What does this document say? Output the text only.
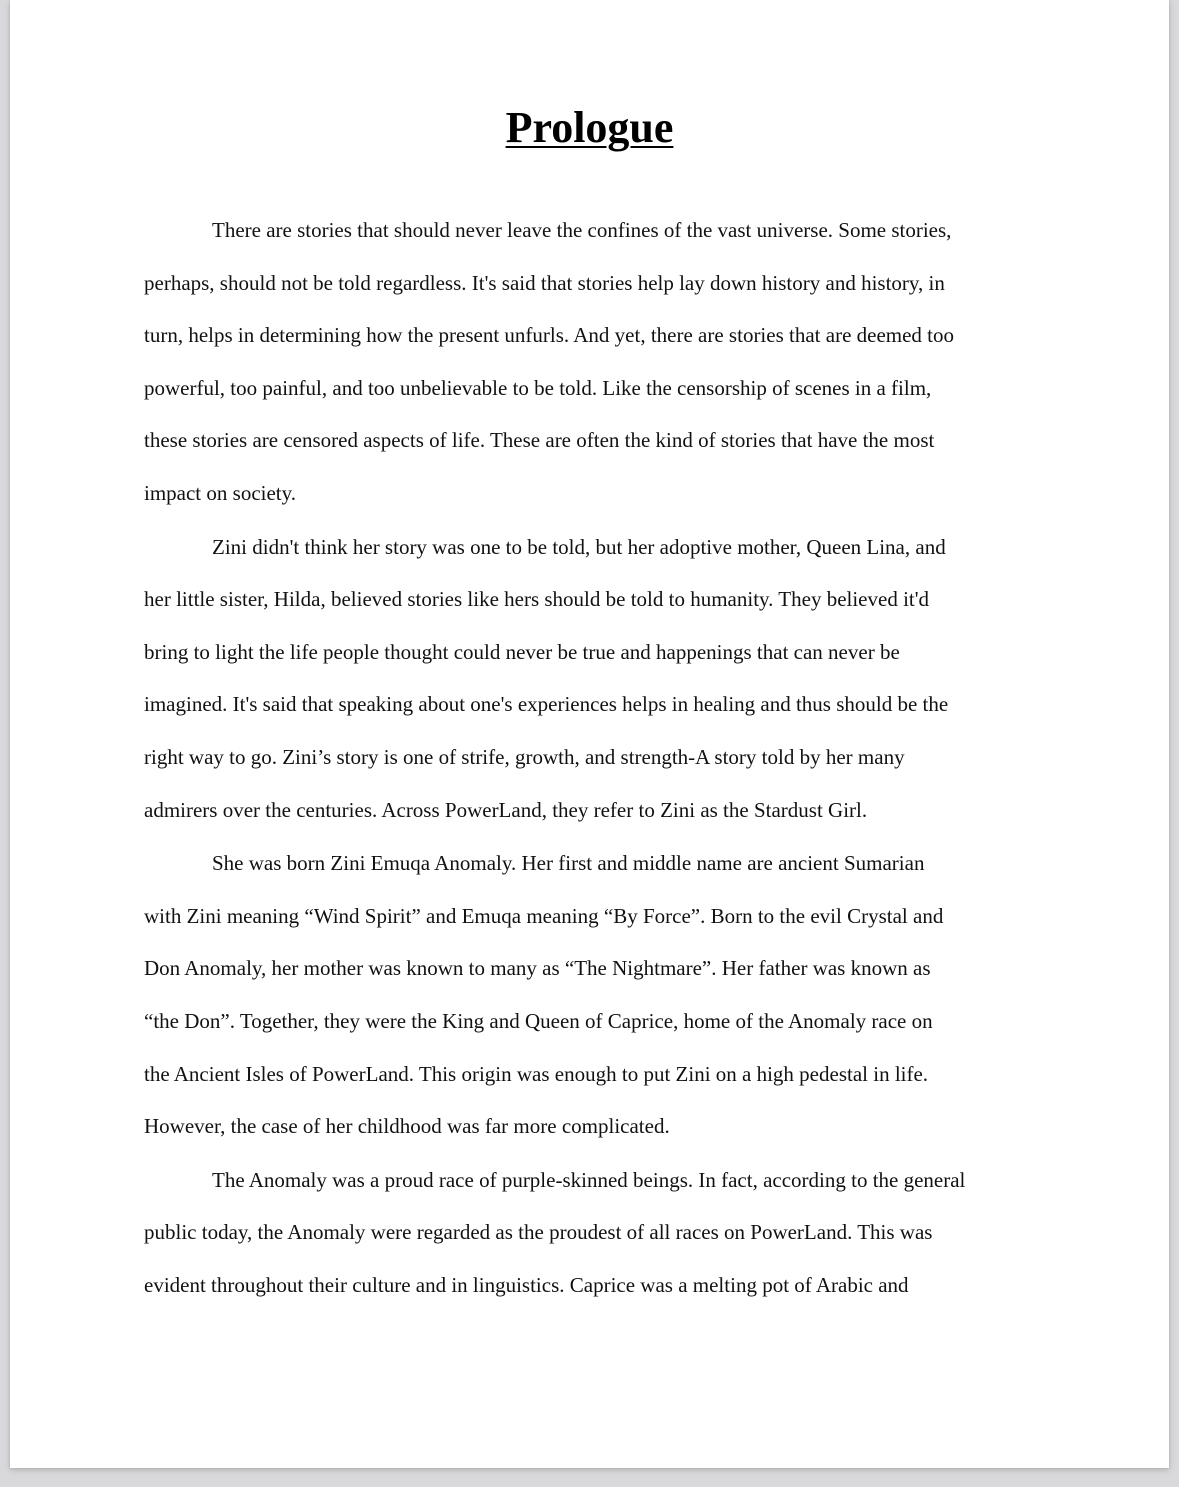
Prologue

There are stories that should never leave the confines of the vast universe. Some stories,
perhaps, should not be told regardless. It's said that stories help lay down history and history, in
turn, helps in determining how the present unfurls. And yet, there are stories that are deemed too
powerful, too painful, and too unbelievable to be told. Like the censorship of scenes in a film,
these stories are censored aspects of life. These are often the kind of stories that have the most
impact on society.

Zini didn't think her story was one to be told, but her adoptive mother, Queen Lina, and
her little sister, Hilda, believed stories like hers should be told to humanity. They believed it'd
bring to light the life people thought could never be true and happenings that can never be
imagined. It's said that speaking about one's experiences helps in healing and thus should be the
right way to go. Zini’s story is one of strife, growth, and strength-A story told by her many
admirers over the centuries. Across PowerLand, they refer to Zini as the Stardust Girl.

She was born Zini Emuqa Anomaly. Her first and middle name are ancient Sumarian
with Zini meaning “Wind Spirit” and Emuqa meaning “By Force”. Born to the evil Crystal and
Don Anomaly, her mother was known to many as “The Nightmare”. Her father was known as
“the Don”. Together, they were the King and Queen of Caprice, home of the Anomaly race on
the Ancient Isles of PowerLand. This origin was enough to put Zini on a high pedestal in life.
However, the case of her childhood was far more complicated.

The Anomaly was a proud race of purple-skinned beings. In fact, according to the general
public today, the Anomaly were regarded as the proudest of all races on PowerLand. This was
evident throughout their culture and in linguistics. Caprice was a melting pot of Arabic and
